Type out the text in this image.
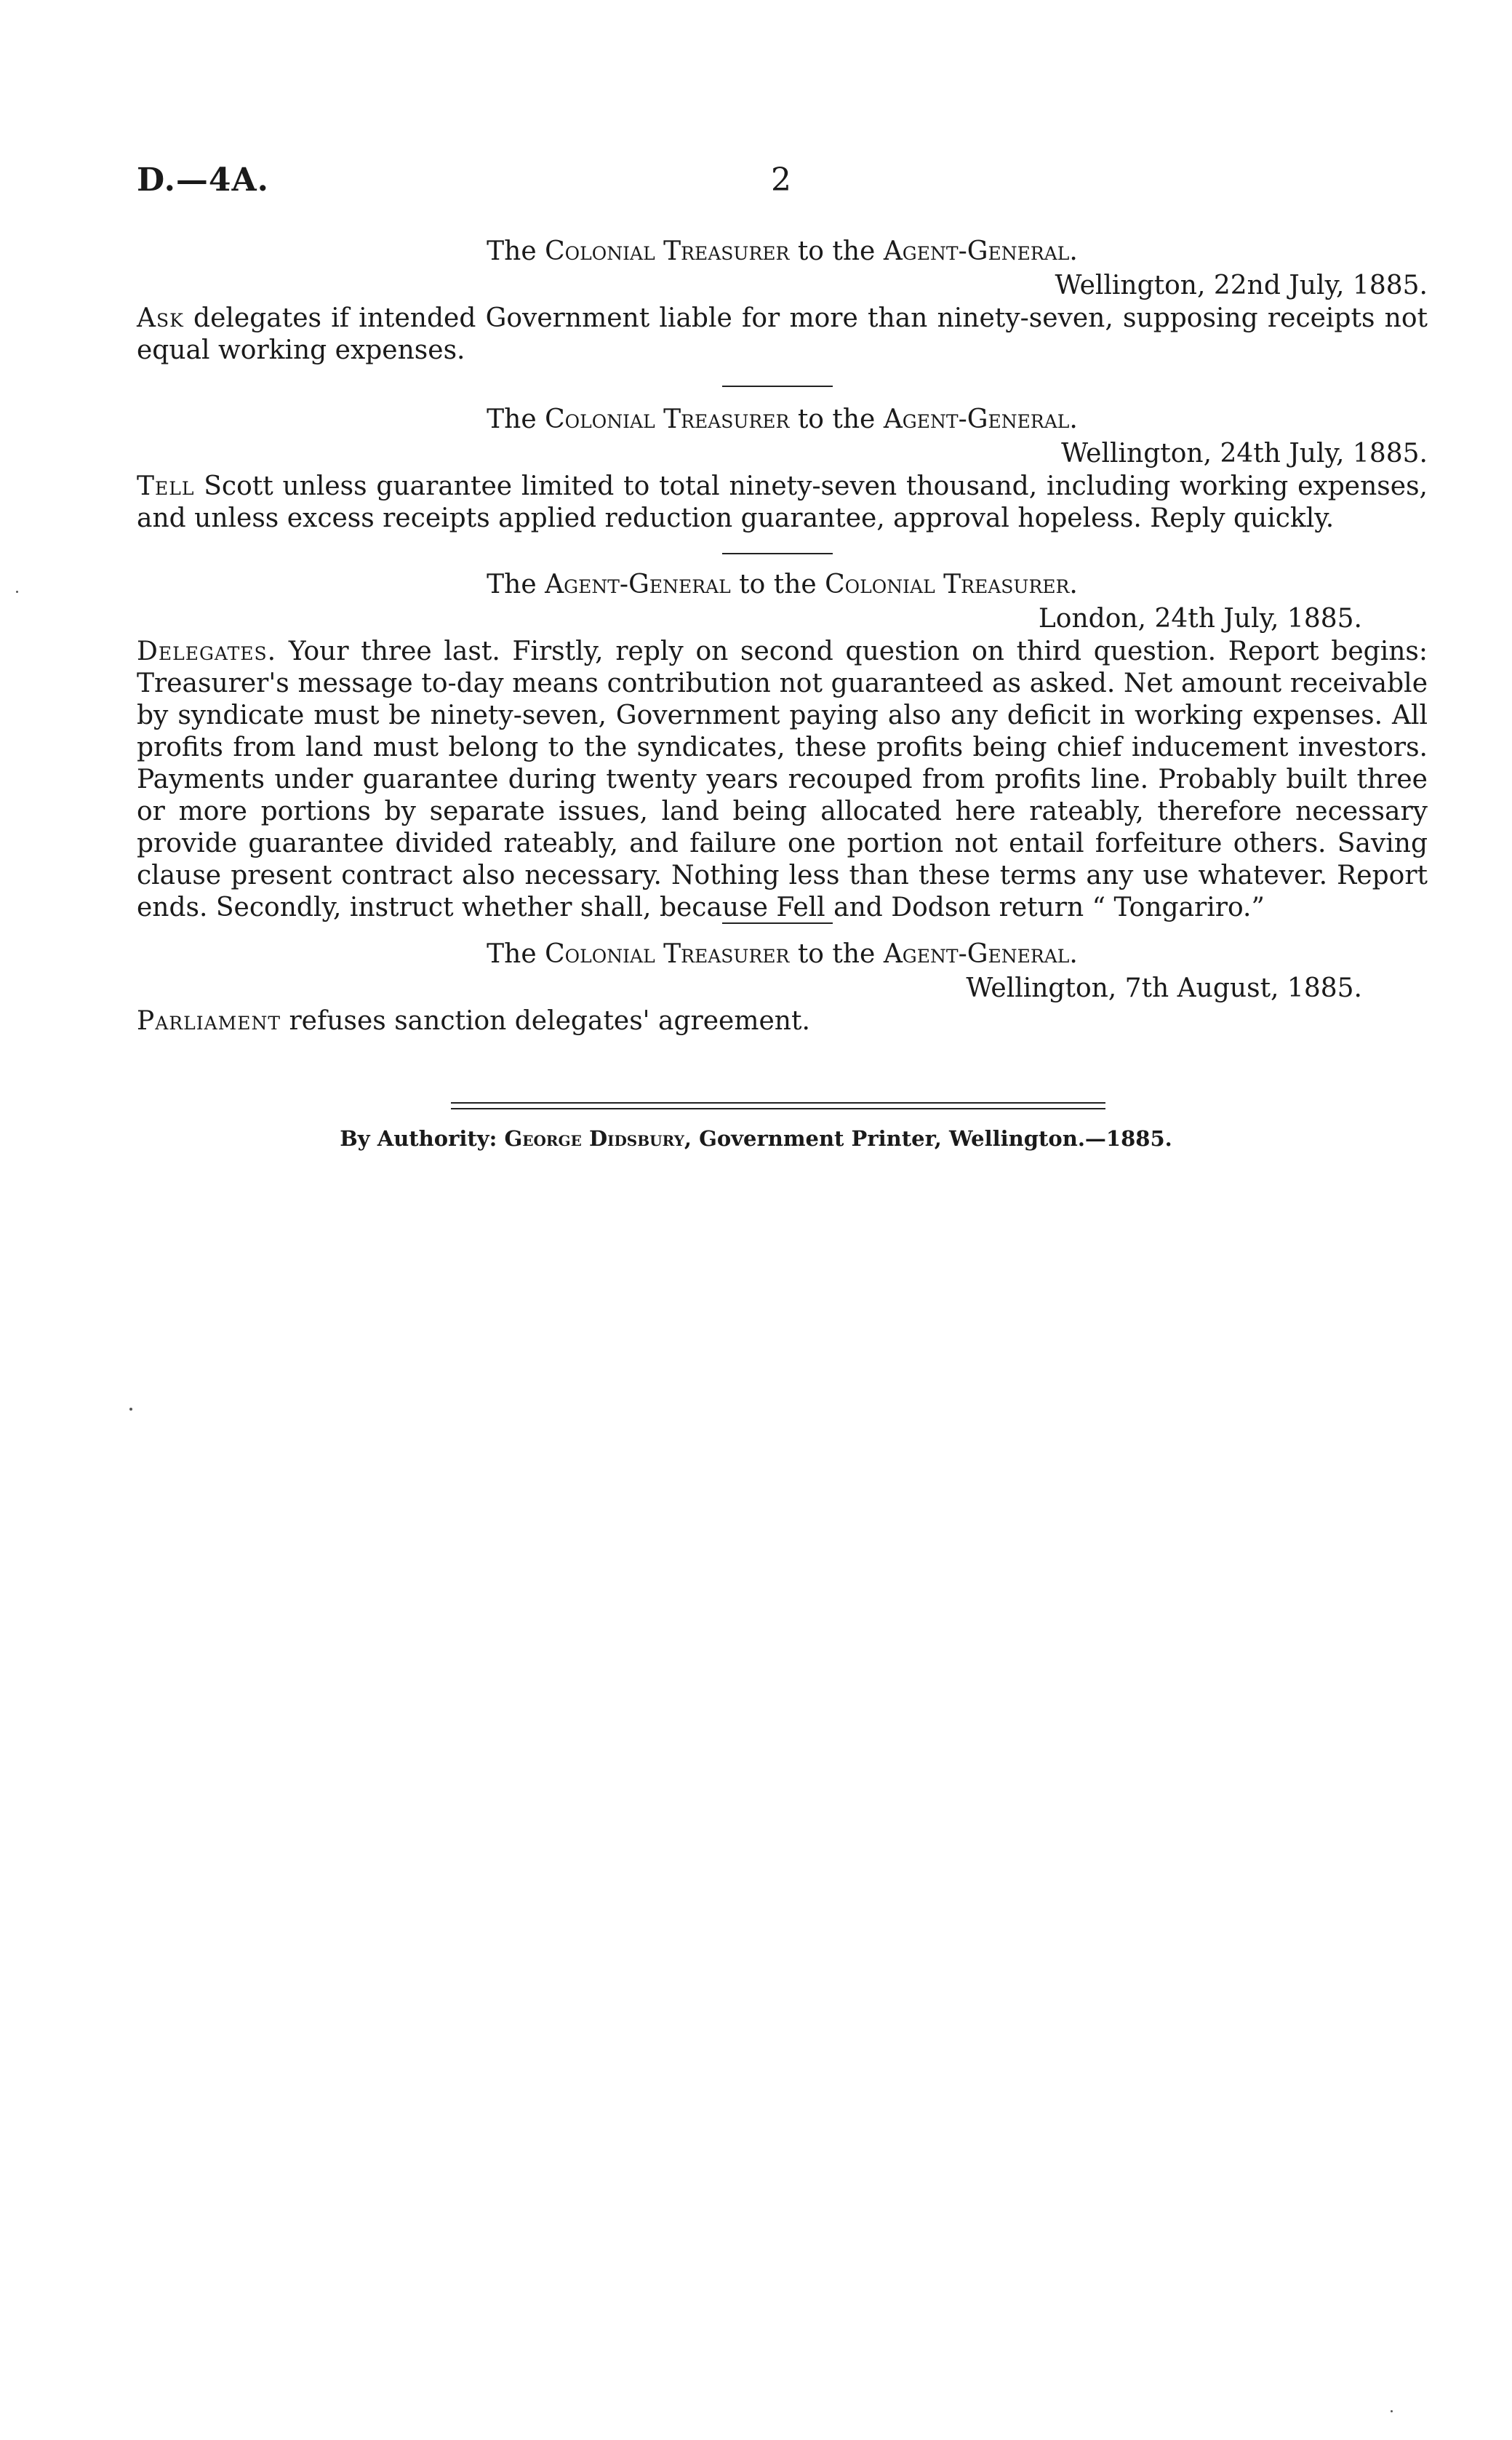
D.—4A.	2
The Colonial Treasurer to the Agent-General.
Wellington, 22nd July, 1885.
Ask delegates if intended Government liable for more than ninety-seven, supposing receipts not equal working expenses.
The Colonial Treasurer to the Agent-General.
Wellington, 24th July, 1885.
Tell Scott unless guarantee limited to total ninety-seven thousand, including working expenses, and unless excess receipts applied reduction guarantee, approval hopeless. Reply quickly.
The Agent-General to the Colonial Treasurer.
London, 24th July, 1885.
Delegates. Your three last. Firstly, reply on second question on third question. Report begins: Treasurer's message to-day means contribution not guaranteed as asked. Net amount receivable by syndicate must be ninety-seven, Government paying also any deficit in working expenses. All profits from land must belong to the syndicates, these profits being chief inducement investors. Payments under guarantee during twenty years recouped from profits line. Probably built three or more portions by separate issues, land being allocated here rateably, therefore necessary provide guarantee divided rateably, and failure one portion not entail forfeiture others. Saving clause present contract also necessary. Nothing less than these terms any use whatever. Report ends. Secondly, instruct whether shall, because Fell and Dodson return “ Tongariro.”
The Colonial Treasurer to the Agent-General.
Wellington, 7th August, 1885.
Parliament refuses sanction delegates' agreement.
By Authority: George Didsbury, Government Printer, Wellington.—1885.
